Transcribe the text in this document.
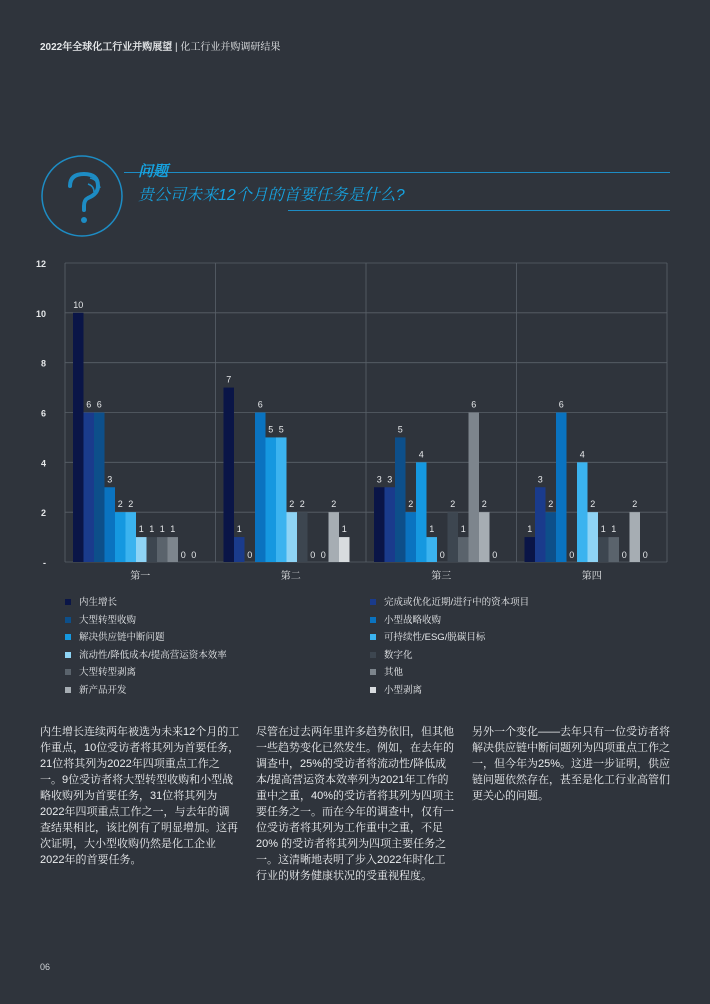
2022年全球化工行业并购展望 | 化工行业并购调研结果
问题
贵公司未来12个月的首要任务是什么?
-
2
4
6
8
10
12
10
6 6
3
2 2
1 1 1 1
0 0
第一
7
1
0
6
5 5
2 2
0 0
2
1
第二
3 3
5
2
4
1
0
2
1
6
2
0
第三
1
3
2
6
0
4
2
1 1
0
2
0
第四
内生增长	完成或优化近期/进行中的资本项目
大型转型收购	小型战略收购
解决供应链中断问题	可持续性/ESG/脱碳目标
流动性/降低成本/提高营运资本效率	数字化
大型转型剥离	其他
新产品开发	小型剥离
内生增长连续两年被选为未来12个月的工作重点，10位受访者将其列为首要任务，21位将其列为2022年四项重点工作之一。9位受访者将大型转型收购和小型战略收购列为首要任务，31位将其列为2022年四项重点工作之一，与去年的调查结果相比，该比例有了明显增加。这再次证明，大小型收购仍然是化工企业2022年的首要任务。
尽管在过去两年里许多趋势依旧，但其他一些趋势变化已然发生。例如，在去年的调查中，25%的受访者将流动性/降低成本/提高营运资本效率列为2021年工作的重中之重，40%的受访者将其列为四项主要任务之一。而在今年的调查中，仅有一位受访者将其列为工作重中之重，不足20% 的受访者将其列为四项主要任务之一。这清晰地表明了步入2022年时化工行业的财务健康状况的受重视程度。
另外一个变化——去年只有一位受访者将解决供应链中断问题列为四项重点工作之一，但今年为25%。这进一步证明，供应链问题依然存在，甚至是化工行业高管们更关心的问题。
06
